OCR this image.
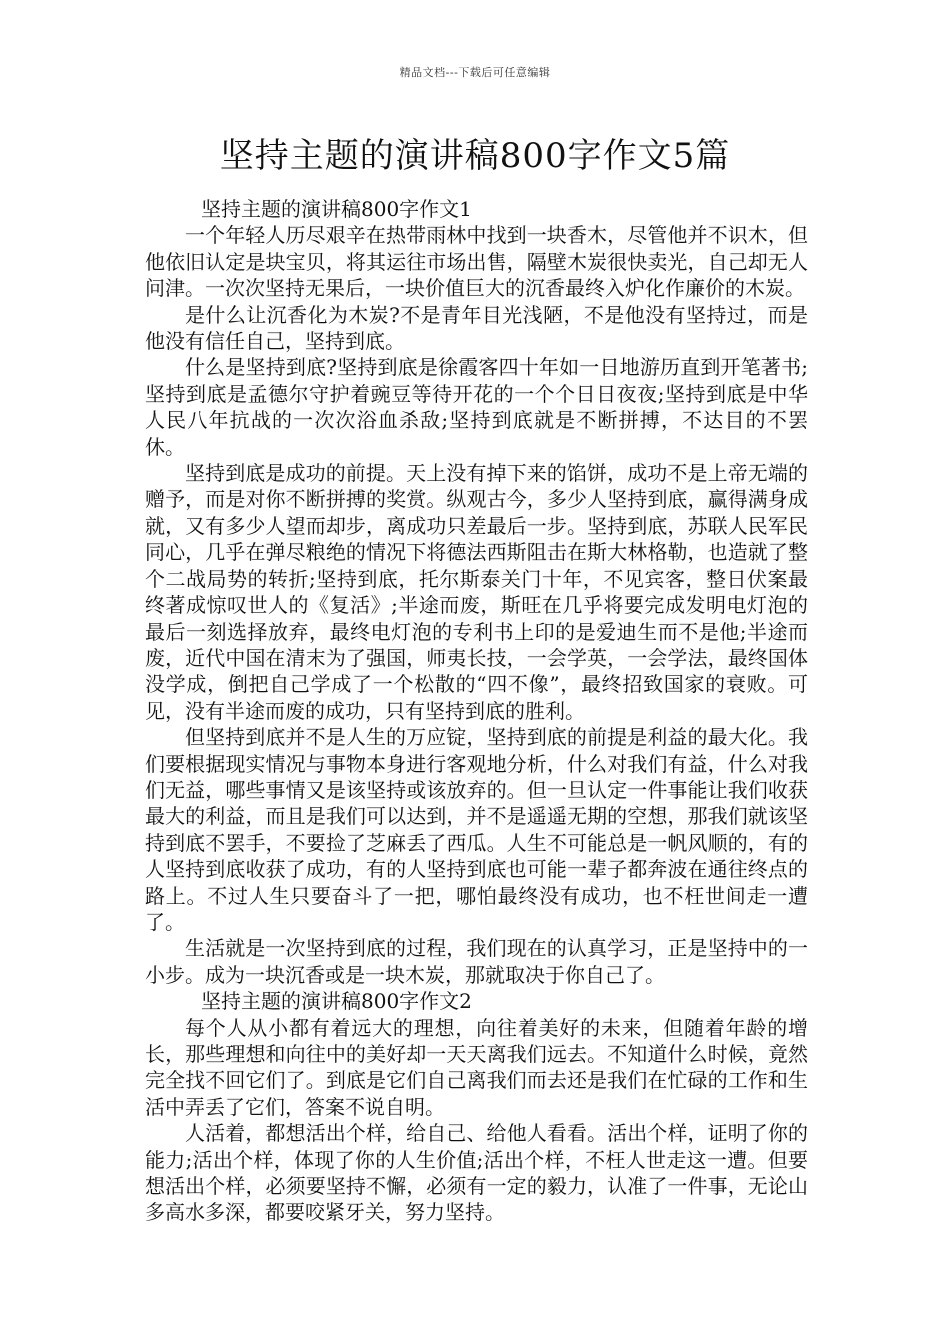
精品文档---下载后可任意编辑
坚持主题的演讲稿800字作文5篇

坚持主题的演讲稿800字作文1

一个年轻人历尽艰辛在热带雨林中找到一块香木，尽管他并不识木，但他依旧认定是块宝贝，将其运往市场出售，隔壁木炭很快卖光，自己却无人问津。一次次坚持无果后，一块价值巨大的沉香最终入炉化作廉价的木炭。

是什么让沉香化为木炭?不是青年目光浅陋，不是他没有坚持过，而是他没有信任自己，坚持到底。

什么是坚持到底?坚持到底是徐霞客四十年如一日地游历直到开笔著书;坚持到底是孟德尔守护着豌豆等待开花的一个个日日夜夜;坚持到底是中华人民八年抗战的一次次浴血杀敌;坚持到底就是不断拼搏，不达目的不罢休。

坚持到底是成功的前提。天上没有掉下来的馅饼，成功不是上帝无端的赠予，而是对你不断拼搏的奖赏。纵观古今，多少人坚持到底，赢得满身成就，又有多少人望而却步，离成功只差最后一步。坚持到底，苏联人民军民同心，几乎在弹尽粮绝的情况下将德法西斯阻击在斯大林格勒，也造就了整个二战局势的转折;坚持到底，托尔斯泰关门十年，不见宾客，整日伏案最终著成惊叹世人的《复活》;半途而废，斯旺在几乎将要完成发明电灯泡的最后一刻选择放弃，最终电灯泡的专利书上印的是爱迪生而不是他;半途而废，近代中国在清末为了强国，师夷长技，一会学英，一会学法，最终国体没学成，倒把自己学成了一个松散的“四不像”，最终招致国家的衰败。可见，没有半途而废的成功，只有坚持到底的胜利。

但坚持到底并不是人生的万应锭，坚持到底的前提是利益的最大化。我们要根据现实情况与事物本身进行客观地分析，什么对我们有益，什么对我们无益，哪些事情又是该坚持或该放弃的。但一旦认定一件事能让我们收获最大的利益，而且是我们可以达到，并不是遥遥无期的空想，那我们就该坚持到底不罢手，不要捡了芝麻丢了西瓜。人生不可能总是一帆风顺的，有的人坚持到底收获了成功，有的人坚持到底也可能一辈子都奔波在通往终点的路上。不过人生只要奋斗了一把，哪怕最终没有成功，也不枉世间走一遭了。

生活就是一次坚持到底的过程，我们现在的认真学习，正是坚持中的一小步。成为一块沉香或是一块木炭，那就取决于你自己了。

坚持主题的演讲稿800字作文2

每个人从小都有着远大的理想，向往着美好的未来，但随着年龄的增长，那些理想和向往中的美好却一天天离我们远去。不知道什么时候，竟然完全找不回它们了。到底是它们自己离我们而去还是我们在忙碌的工作和生活中弄丢了它们，答案不说自明。

人活着，都想活出个样，给自己、给他人看看。活出个样，证明了你的能力;活出个样，体现了你的人生价值;活出个样，不枉人世走这一遭。但要想活出个样，必须要坚持不懈，必须有一定的毅力，认准了一件事，无论山多高水多深，都要咬紧牙关，努力坚持。
